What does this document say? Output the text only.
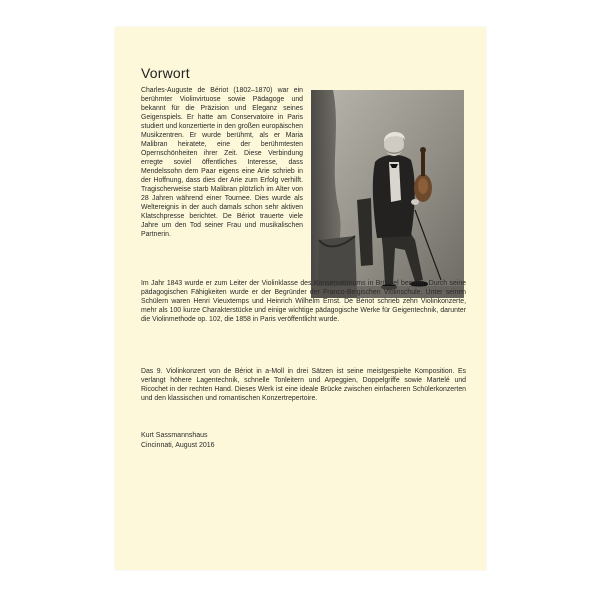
Vorwort

Charles-Auguste de Bériot (1802–1870) war ein berühmter Violinvirtuose sowie Pädagoge und bekannt für die Präzision und Eleganz seines Geigenspiels. Er hatte am Conservatoire in Paris studiert und konzertierte in den großen europäischen Musikzentren. Er wurde berühmt, als er Maria Malibran heiratete, eine der berühmtesten Opernschönheiten ihrer Zeit. Diese Verbindung erregte soviel öffentliches Interesse, dass Mendelssohn dem Paar eigens eine Arie schrieb in der Hoffnung, dass dies der Arie zum Erfolg verhilft. Tragischerweise starb Malibran plötzlich im Alter von 28 Jahren während einer Tournee. Dies wurde als Weltereignis in der auch damals schon sehr aktiven Klatschpresse berichtet. De Bériot trauerte viele Jahre um den Tod seiner Frau und musikalischen Partnerin.

Im Jahr 1843 wurde er zum Leiter der Violinklasse des Konservatoriums in Brüssel berufen. Durch seine pädagogischen Fähigkeiten wurde er der Begründer der Franco-Belgischen Violinschule. Unter seinen Schülern waren Henri Vieuxtemps und Heinrich Wilhelm Ernst. De Bériot schrieb zehn Violinkonzerte, mehr als 100 kurze Charakterstücke und einige wichtige pädagogische Werke für Geigentechnik, darunter die Violinmethode op. 102, die 1858 in Paris veröffentlicht wurde.
Das 9. Violinkonzert von de Bériot in a-Moll in drei Sätzen ist seine meistgespielte Komposition. Es verlangt höhere Lagentechnik, schnelle Tonleitern und Arpeggien, Doppelgriffe sowie Martelé und Ricochet in der rechten Hand. Dieses Werk ist eine ideale Brücke zwischen einfacheren Schülerkonzerten und den klassischen und romantischen Konzertrepertoire.
Kurt Sassmannshaus
Cincinnati, August 2016
